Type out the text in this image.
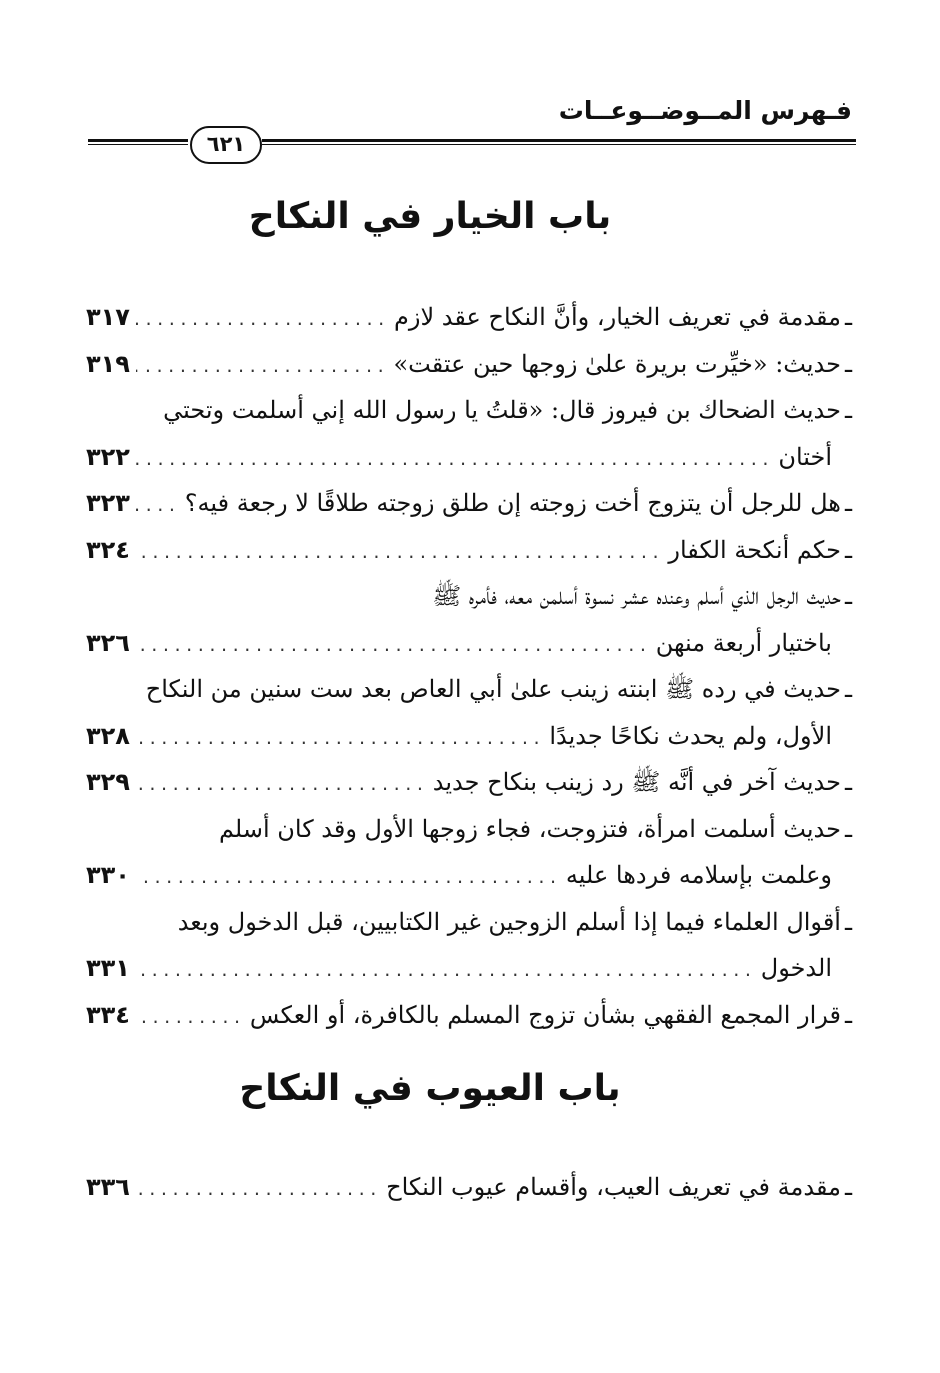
فـهرس المــوضــوعــات
٦٢١
باب الخيار في النكاح
ـ
مقدمة في تعريف الخيار، وأنَّ النكاح عقد لازم
.....
٣١٧
ـ
حديث: «خيِّرت بريرة علىٰ زوجها حين عتقت»
.....
٣١٩
ـ
حديث الضحاك بن فيروز قال: «قلتُ يا رسول الله إني أسلمت وتحتي
أختان
.....
٣٢٢
ـ
هل للرجل أن يتزوج أخت زوجته إن طلق زوجته طلاقًا لا رجعة فيه؟
.....
٣٢٣
ـ
حكم أنكحة الكفار
.....
٣٢٤
ـ
حديث الرجل الذي أسلم وعنده عشر نسوة أسلمن معه، فأمره ﷺ
باختيار أربعة منهن
.....
٣٢٦
ـ
حديث في رده ﷺ ابنته زينب علىٰ أبي العاص بعد ست سنين من النكاح
الأول، ولم يحدث نكاحًا جديدًا
.....
٣٢٨
ـ
حديث آخر في أنَّه ﷺ رد زينب بنكاح جديد
.....
٣٢٩
ـ
حديث أسلمت امرأة، فتزوجت، فجاء زوجها الأول وقد كان أسلم
وعلمت بإسلامه فردها عليه
.....
٣٣٠
ـ
أقوال العلماء فيما إذا أسلم الزوجين غير الكتابيين، قبل الدخول وبعد
الدخول
.....
٣٣١
ـ
قرار المجمع الفقهي بشأن تزوج المسلم بالكافرة، أو العكس
.....
٣٣٤
باب العيوب في النكاح
ـ
مقدمة في تعريف العيب، وأقسام عيوب النكاح
.....
٣٣٦
